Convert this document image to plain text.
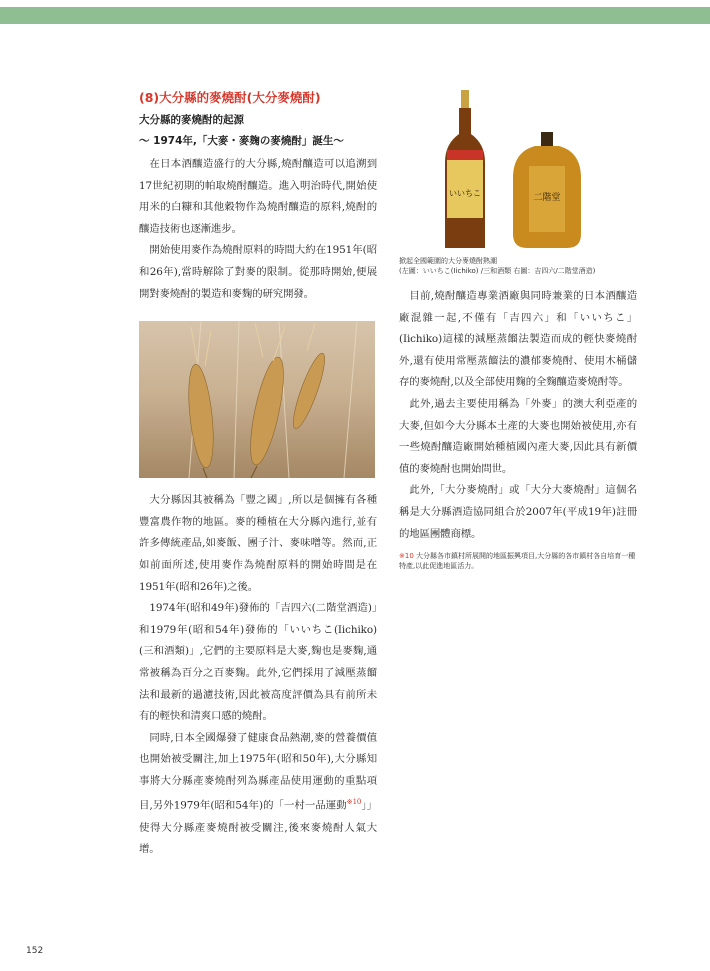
(8)大分縣的麥燒酎(大分麥燒酎)
大分縣的麥燒酎的起源
～ 1974年,「大麥・麥麹の麥燒酎」誕生～

在日本酒釀造盛行的大分縣,燒酎釀造可以追溯到17世紀初期的帕取燒酎釀造。進入明治時代,開始使用米的白糠和其他穀物作為燒酎釀造的原料,燒酎的釀造技術也逐漸進步。

開始使用麥作為燒酎原料的時間大約在1951年(昭和26年),當時解除了對麥的限制。從那時開始,便展開對麥燒酎的製造和麥麴的研究開發。

大分縣因其被稱為「豐之國」,所以是個擁有各種豐富農作物的地區。麥的種植在大分縣內進行,並有許多傳統產品,如麥飯、團子汁、麥味噌等。然而,正如前面所述,使用麥作為燒酎原料的開始時間是在1951年(昭和26年)之後。

1974年(昭和49年)發佈的「吉四六(二階堂酒造)」和1979年(昭和54年)發佈的「いいちこ(Iichiko)(三和酒類)」,它們的主要原料是大麥,麴也是麥麴,通常被稱為百分之百麥麴。此外,它們採用了減壓蒸餾法和最新的過濾技術,因此被高度評價為具有前所未有的輕快和清爽口感的燒酎。

同時,日本全國爆發了健康食品熱潮,麥的營養價值也開始被受關注,加上1975年(昭和50年),大分縣知事將大分縣產麥燒酎列為縣產品使用運動的重點項目,另外1979年(昭和54年)的「一村一品運動$^{※10}$」」使得大分縣產麥燒酎被受關注,後來麥燒酎人氣大增。

いいちこ	二階堂
掀起全國範圍的大分麥燒酎熱潮
(左圖：いいちこ(Iichiko) /三和酒類 右圖：吉四六/二階堂酒造)

目前,燒酎釀造專業酒廠與同時兼業的日本酒釀造廠混雜一起,不僅有「吉四六」和「いいちこ」(Iichiko)這樣的減壓蒸餾法製造而成的輕快麥燒酎外,還有使用常壓蒸餾法的濃郁麥燒酎、使用木桶儲存的麥燒酎,以及全部使用麴的全麴釀造麥燒酎等。

此外,過去主要使用稱為「外麥」的澳大利亞產的大麥,但如今大分縣本土產的大麥也開始被使用,亦有一些燒酎釀造廠開始種植國內產大麥,因此具有新價值的麥燒酎也開始問世。

此外,「大分麥燒酎」或「大分大麥燒酎」這個名稱是大分縣酒造協同組合於2007年(平成19年)註冊的地區團體商標。

※10 大分縣各市鎮村所展開的地區振興項目,大分縣的各市鎮村各自培育一種特產,以此促進地區活力。
152
